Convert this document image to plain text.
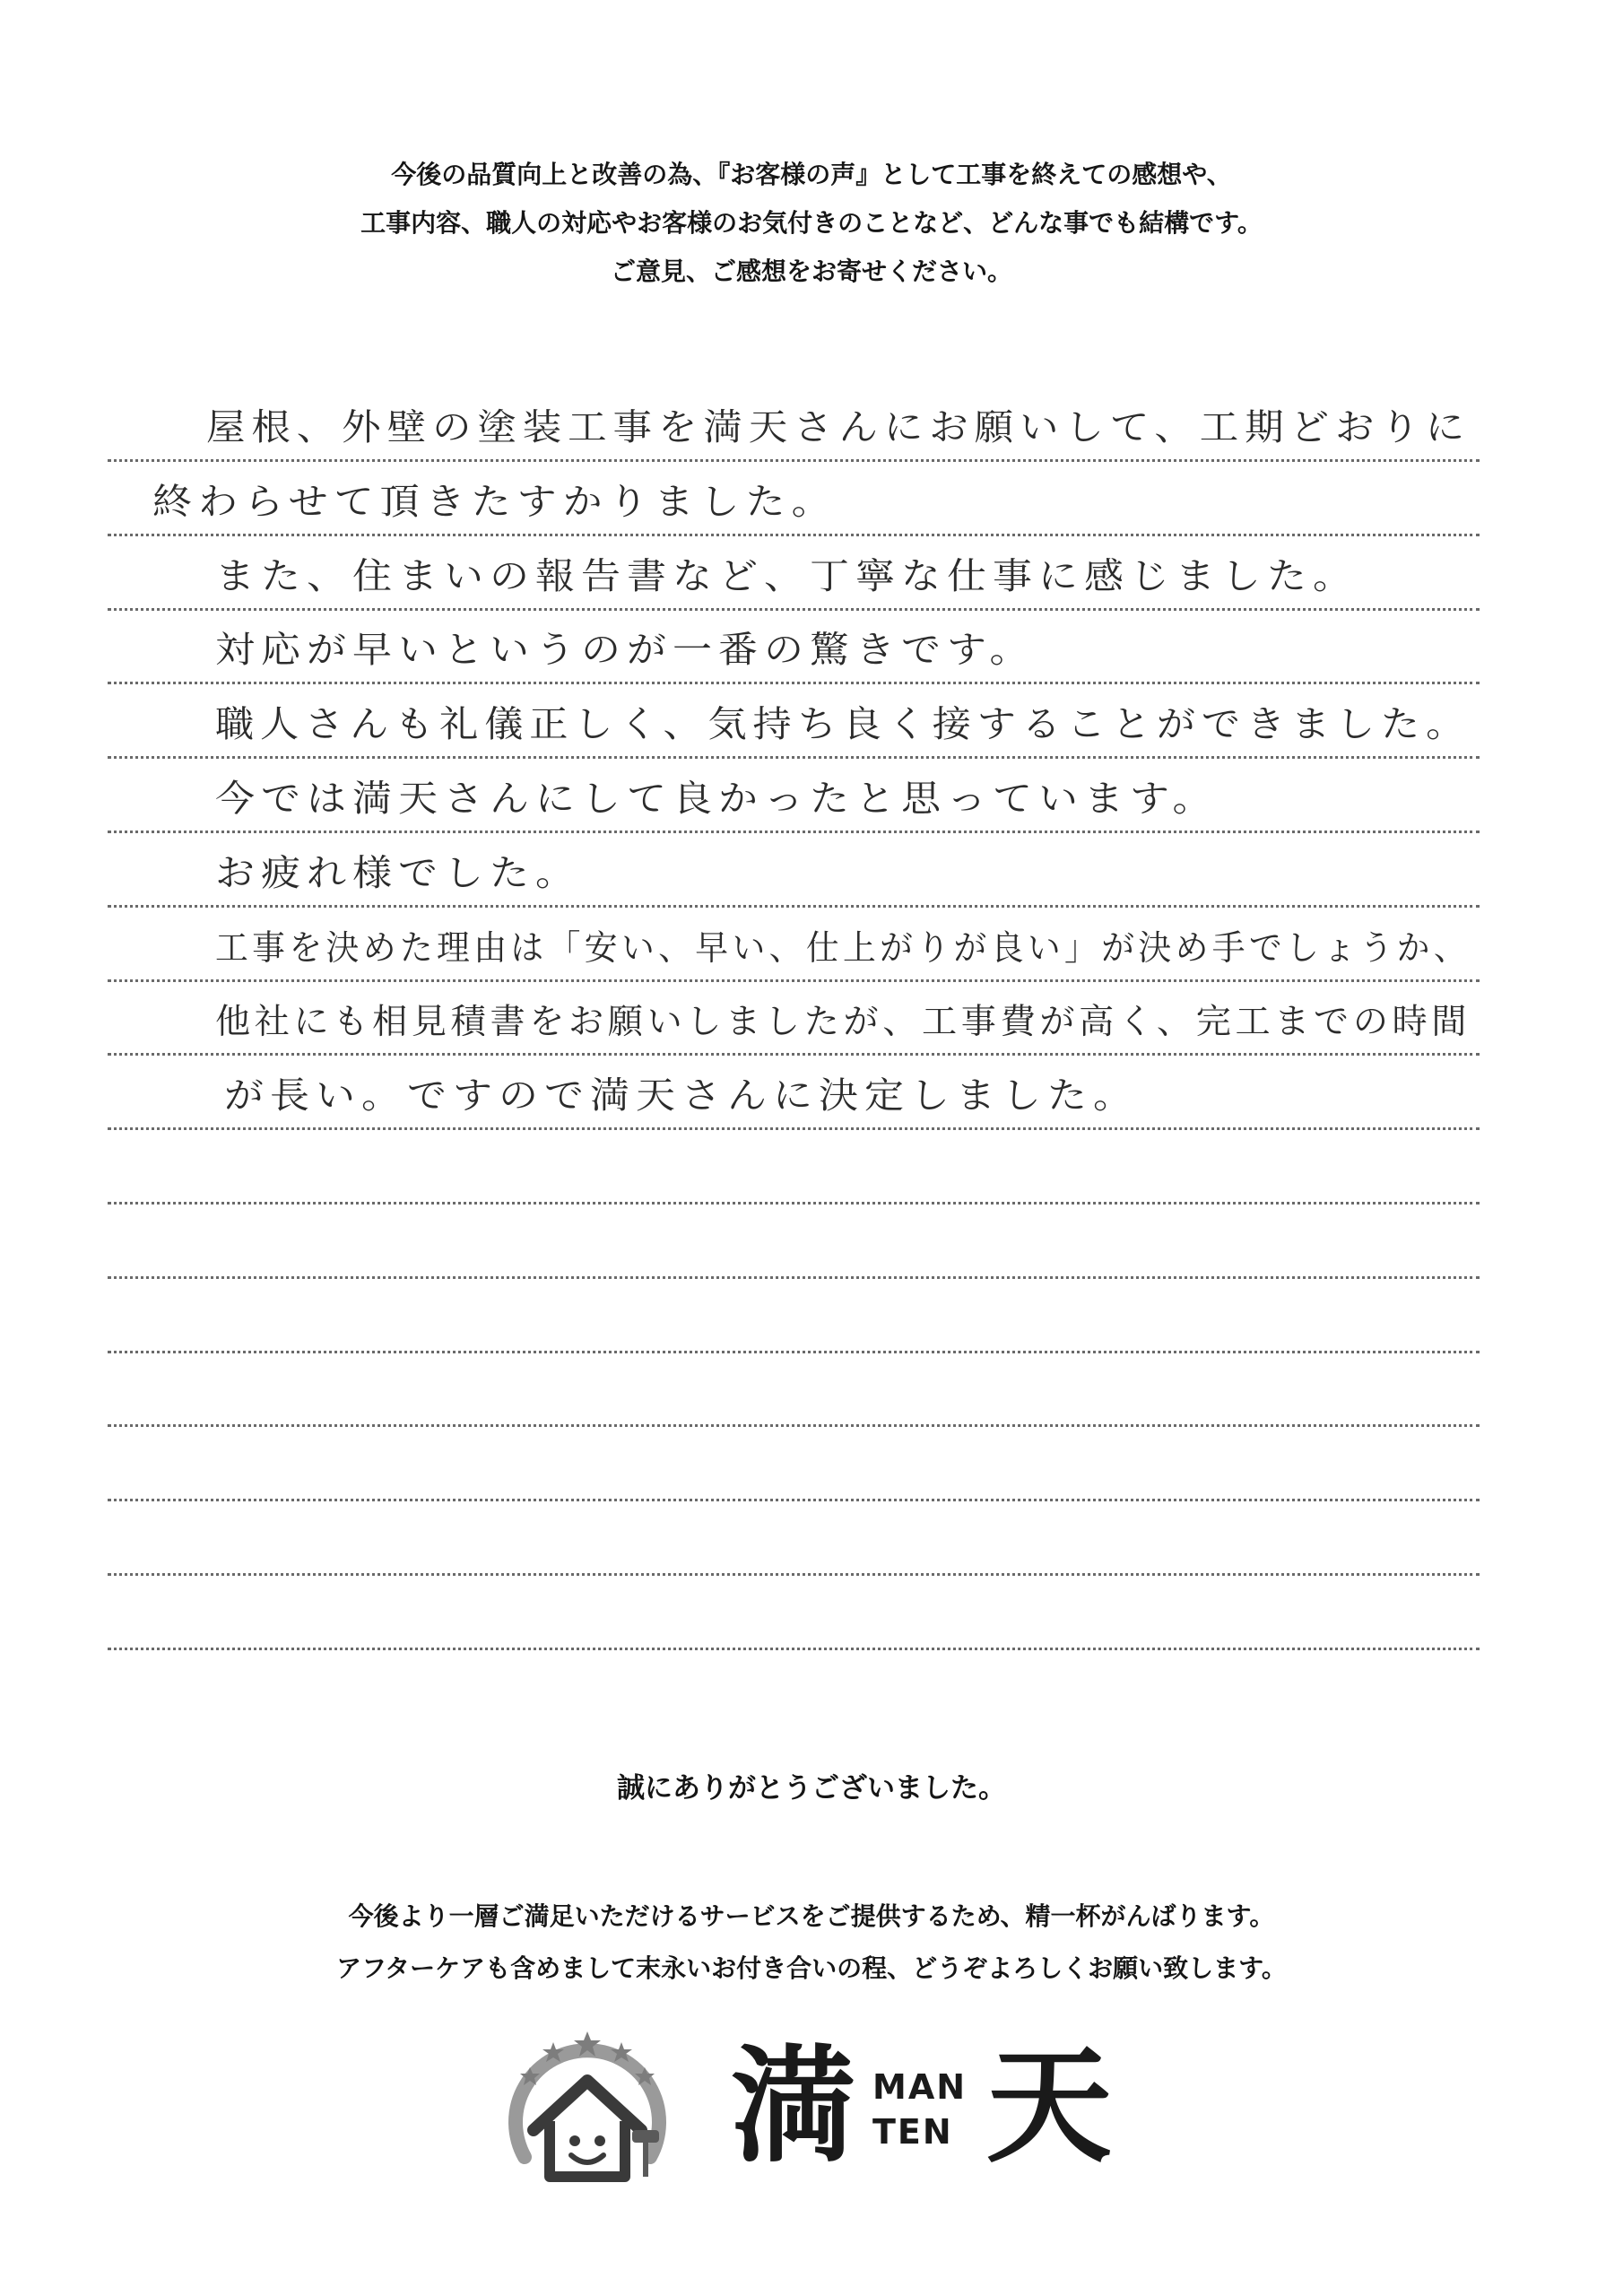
今後の品質向上と改善の為、『お客様の声』として工事を終えての感想や、
工事内容、職人の対応やお客様のお気付きのことなど、どんな事でも結構です。
ご意見、ご感想をお寄せください。
屋根、外壁の塗装工事を満天さんにお願いして、工期どおりに
終わらせて頂きたすかりました。
また、住まいの報告書など、丁寧な仕事に感じました。
対応が早いというのが一番の驚きです。
職人さんも礼儀正しく、気持ち良く接することができました。
今では満天さんにして良かったと思っています。
お疲れ様でした。
工事を決めた理由は「安い、早い、仕上がりが良い」が決め手でしょうか、
他社にも相見積書をお願いしましたが、工事費が高く、完工までの時間
が長い。ですので満天さんに決定しました。
誠にありがとうございました。
今後より一層ご満足いただけるサービスをご提供するため、精一杯がんばります。
アフターケアも含めまして末永いお付き合いの程、どうぞよろしくお願い致します。
満 MAN
TEN 天
